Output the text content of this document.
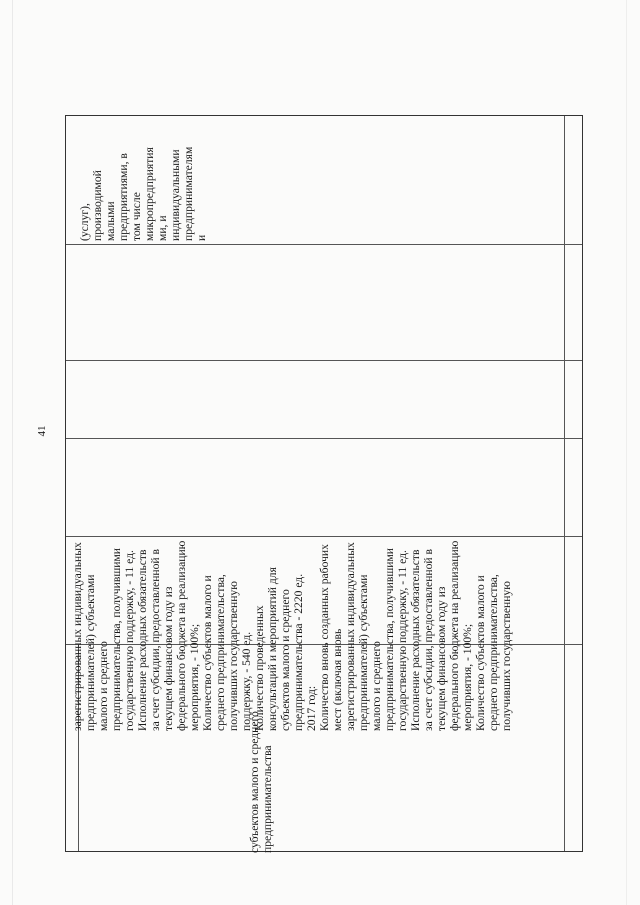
41
субъектов малого и среднего предпринимательства
зарегистрированных индивидуальных предпринимателей) субъектами малого и среднего предпринимательства, получившими государственную поддержку, - 11 ед. Исполнение расходных обязательств за счет субсидии, предоставленной в текущем финансовом году из федерального бюджета на реализацию мероприятия, - 100%; Количество субъектов малого и среднего предпринимательства, получивших государственную поддержку, - 540 ед. Количество проведенных консультаций и мероприятий для субъектов малого и среднего предпринимательства - 2220 ед. 2017 год: Количество вновь созданных рабочих мест (включая вновь зарегистрированных индивидуальных предпринимателей) субъектами малого и среднего предпринимательства, получившими государственную поддержку, - 11 ед. Исполнение расходных обязательств за счет субсидии, предоставленной в текущем финансовом году из федерального бюджета на реализацию мероприятия, - 100%; Количество субъектов малого и среднего предпринимательства, получивших государственную
(услуг), производимой малыми предприятиями, в том числе микропредприятия ми, и индивидуальными предпринимателям и
